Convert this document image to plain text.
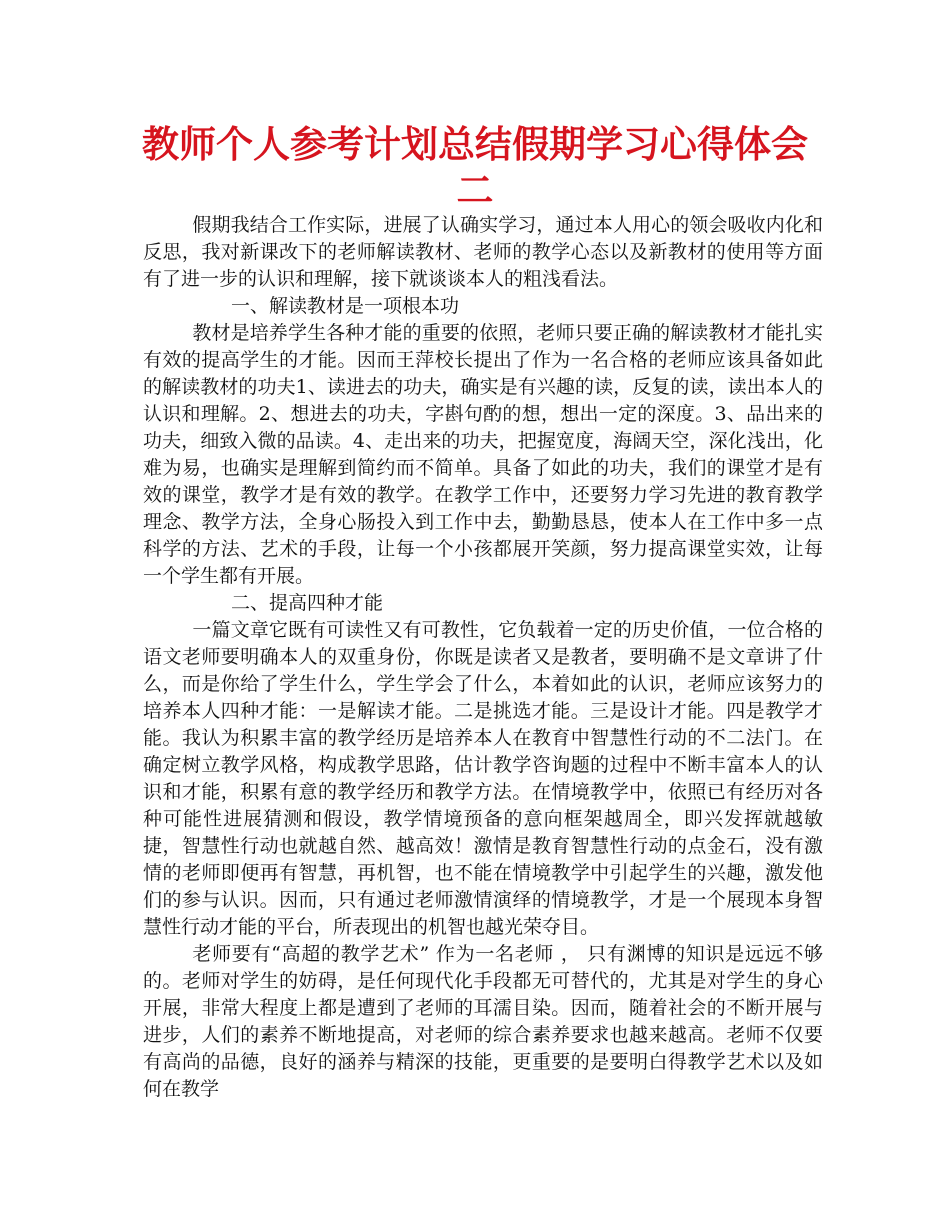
教师个人参考计划总结假期学习心得体会二

假期我结合工作实际，进展了认确实学习，通过本人用心的领会吸收内化和反思，我对新课改下的老师解读教材、老师的教学心态以及新教材的使用等方面有了进一步的认识和理解，接下就谈谈本人的粗浅看法。

一、解读教材是一项根本功

教材是培养学生各种才能的重要的依照，老师只要正确的解读教材才能扎实有效的提高学生的才能。因而王萍校长提出了作为一名合格的老师应该具备如此的解读教材的功夫1、读进去的功夫，确实是有兴趣的读，反复的读，读出本人的认识和理解。2、想进去的功夫，字斟句酌的想，想出一定的深度。3、品出来的功夫，细致入微的品读。4、走出来的功夫，把握宽度，海阔天空，深化浅出，化难为易，也确实是理解到简约而不简单。具备了如此的功夫，我们的课堂才是有效的课堂，教学才是有效的教学。在教学工作中，还要努力学习先进的教育教学理念、教学方法，全身心肠投入到工作中去，勤勤恳恳，使本人在工作中多一点科学的方法、艺术的手段，让每一个小孩都展开笑颜，努力提高课堂实效，让每一个学生都有开展。

二、提高四种才能

一篇文章它既有可读性又有可教性，它负载着一定的历史价值，一位合格的语文老师要明确本人的双重身份，你既是读者又是教者，要明确不是文章讲了什么，而是你给了学生什么，学生学会了什么，本着如此的认识，老师应该努力的培养本人四种才能：一是解读才能。二是挑选才能。三是设计才能。四是教学才能。我认为积累丰富的教学经历是培养本人在教育中智慧性行动的不二法门。在确定树立教学风格，构成教学思路，估计教学咨询题的过程中不断丰富本人的认识和才能，积累有意的教学经历和教学方法。在情境教学中，依照已有经历对各种可能性进展猜测和假设，教学情境预备的意向框架越周全，即兴发挥就越敏捷，智慧性行动也就越自然、越高效！激情是教育智慧性行动的点金石，没有激情的老师即便再有智慧，再机智，也不能在情境教学中引起学生的兴趣，激发他们的参与认识。因而，只有通过老师激情演绎的情境教学，才是一个展现本身智慧性行动才能的平台，所表现出的机智也越光荣夺目。

老师要有“高超的教学艺术” 作为一名老师 ， 只有渊博的知识是远远不够的。老师对学生的妨碍，是任何现代化手段都无可替代的，尤其是对学生的身心开展，非常大程度上都是遭到了老师的耳濡目染。因而，随着社会的不断开展与进步，人们的素养不断地提高，对老师的综合素养要求也越来越高。老师不仅要有高尚的品德，良好的涵养与精深的技能，更重要的是要明白得教学艺术以及如何在教学
